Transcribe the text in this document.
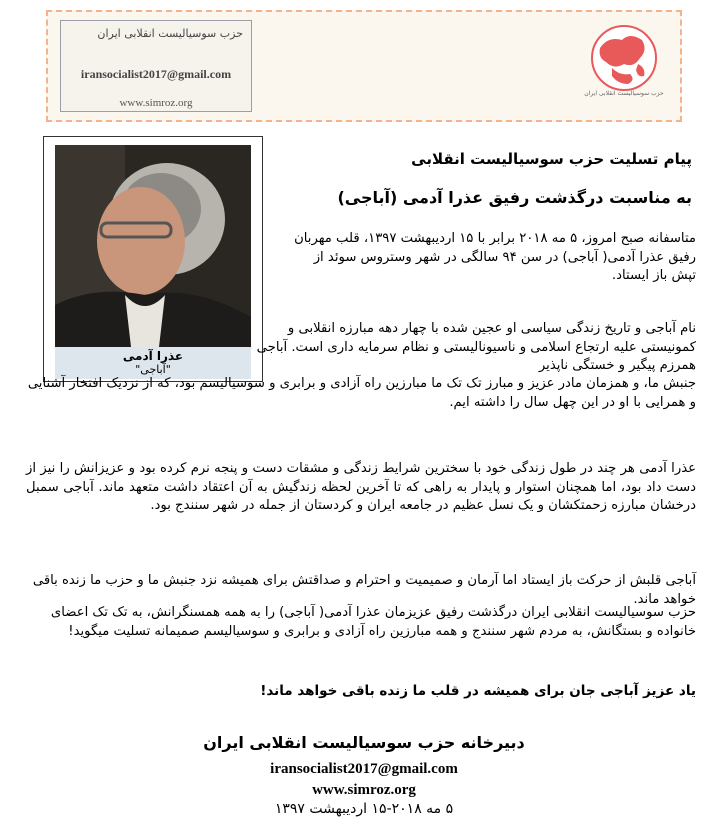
حزب سوسیالیست انقلابی ایران
iransocialist2017@gmail.com
www.simroz.org
حزب سوسیالیست انقلابی ایران
عذرا آدمی
"آباجی"
پیام تسلیت حزب سوسیالیست انقلابی
به مناسبت درگذشت رفیق عذرا آدمی (آباجی)
متاسفانه صبح امروز، ۵ مه ۲۰۱۸ برابر با ۱۵ اردیبهشت ۱۳۹۷، قلب مهربان رفیق عذرا آدمی( آباجی) در سن ۹۴ سالگی در شهر وستروس سوئد از تپش باز ایستاد.
نام آباجی و تاریخ زندگی سیاسی او عجین شده با چهار دهه مبارزه انقلابی و کمونیستی علیه ارتجاع اسلامی و ناسیونالیستی و نظام سرمایه داری است. آباجی همرزم پیگیر و خستگی ناپذیر
جنبش ما، و همزمان مادر عزیز و مبارز تک تک ما مبارزین راه آزادی و برابری و سوسیالیسم بود، که از نزدیک افتخار آشنایی و همرایی با او در این چهل سال را داشته ایم.
عذرا آدمی هر چند در طول زندگی خود با سخترین شرایط زندگی و مشقات دست و پنجه نرم کرده بود و عزیزانش را نیز از دست داد بود، اما همچنان استوار و پایدار به راهی که تا آخرین لحظه زندگیش به آن اعتقاد داشت متعهد ماند. آباجی سمبل درخشان مبارزه زحمتکشان و یک نسل عظیم در جامعه ایران و کردستان از جمله در شهر سنندج بود.
آباجی قلبش از حرکت باز ایستاد اما آرمان و صمیمیت و احترام و صداقتش برای همیشه نزد جنبش ما و حزب ما زنده باقی خواهد ماند.
حزب سوسیالیست انقلابی ایران درگذشت رفیق عزیزمان عذرا آدمی( آباجی) را به همه همسنگرانش، به تک تک اعضای خانواده و بستگانش، به مردم شهر سنندج و همه مبارزین راه آزادی و برابری و سوسیالیسم صمیمانه تسلیت میگوید!
یاد عزیز آباجی جان برای همیشه در قلب ما زنده باقی خواهد ماند!
دبیرخانه حزب سوسیالیست انقلابی ایران
iransocialist2017@gmail.com
www.simroz.org
۵ مه ۲۰۱۸-۱۵ اردیبهشت ۱۳۹۷
